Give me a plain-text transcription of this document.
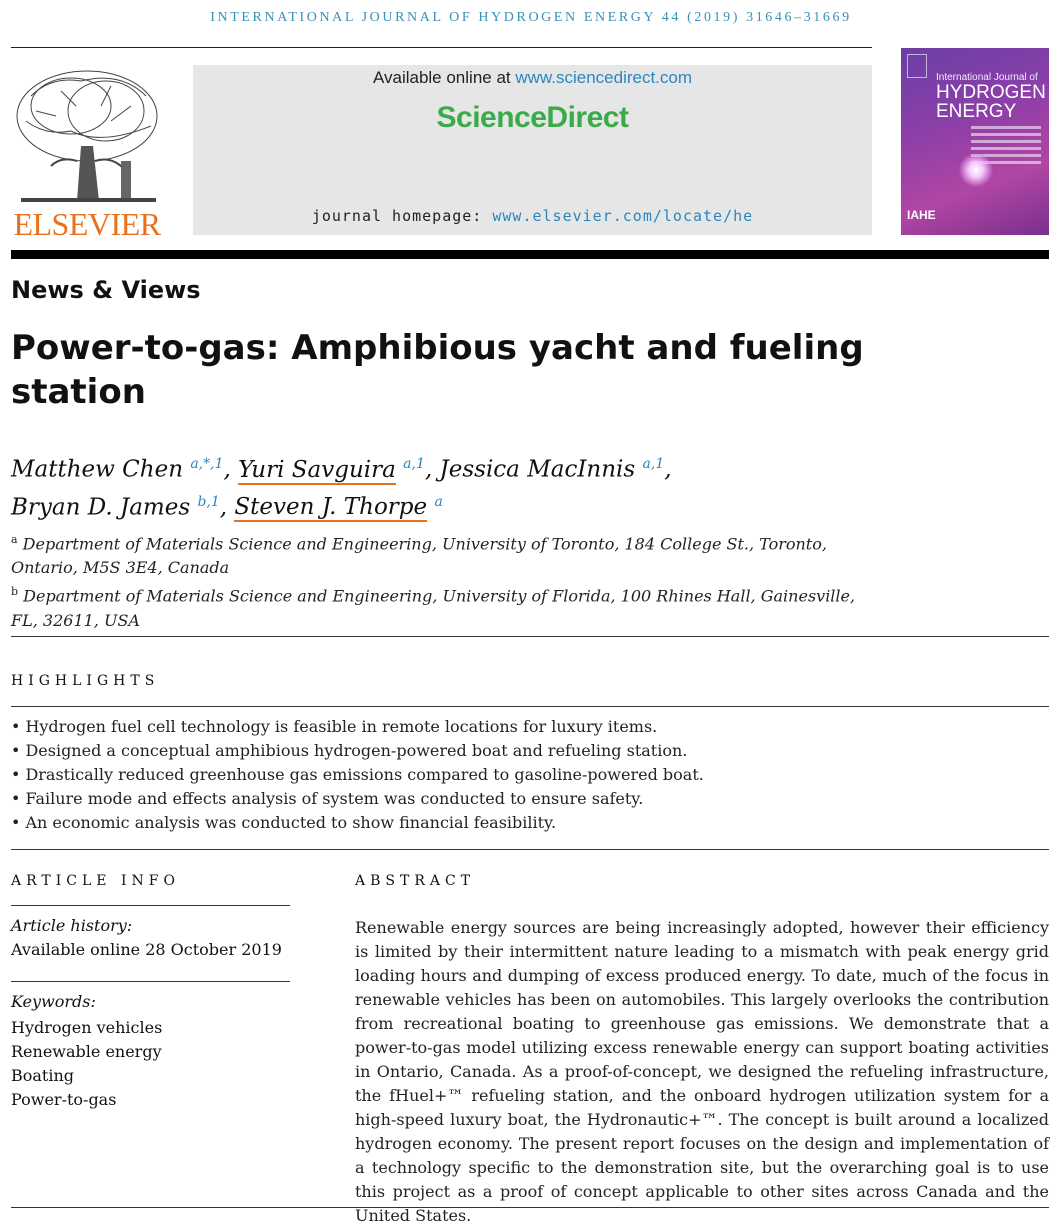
INTERNATIONAL JOURNAL OF HYDROGEN ENERGY 44 (2019) 31646–31669
ELSEVIER
Available online at www.sciencedirect.com
ScienceDirect
journal homepage: www.elsevier.com/locate/he
International Journal of
HYDROGEN
ENERGY
IAHE
News & Views
Power-to-gas: Amphibious yacht and fueling station
Matthew Chen $^{a,*,1}$, Yuri Savguira $^{a,1}$, Jessica MacInnis $^{a,1}$,
Bryan D. James $^{b,1}$, Steven J. Thorpe $^a$
$^a$ Department of Materials Science and Engineering, University of Toronto, 184 College St., Toronto, Ontario, M5S 3E4, Canada
$^b$ Department of Materials Science and Engineering, University of Florida, 100 Rhines Hall, Gainesville, FL, 32611, USA
HIGHLIGHTS
• Hydrogen fuel cell technology is feasible in remote locations for luxury items.
• Designed a conceptual amphibious hydrogen-powered boat and refueling station.
• Drastically reduced greenhouse gas emissions compared to gasoline-powered boat.
• Failure mode and effects analysis of system was conducted to ensure safety.
• An economic analysis was conducted to show financial feasibility.
ARTICLE INFO	ABSTRACT
Article history:
Available online 28 October 2019
Keywords:
Hydrogen vehicles
Renewable energy
Boating
Power-to-gas
Renewable energy sources are being increasingly adopted, however their efficiency is limited by their intermittent nature leading to a mismatch with peak energy grid loading hours and dumping of excess produced energy. To date, much of the focus in renewable vehicles has been on automobiles. This largely overlooks the contribution from recreational boating to greenhouse gas emissions. We demonstrate that a power-to-gas model utilizing excess renewable energy can support boating activities in Ontario, Canada. As a proof-of-concept, we designed the refueling infrastructure, the fHuel+™ refueling station, and the onboard hydrogen utilization system for a high-speed luxury boat, the Hydronautic+™. The concept is built around a localized hydrogen economy. The present report focuses on the design and implementation of a technology specific to the demonstration site, but the overarching goal is to use this project as a proof of concept applicable to other sites across Canada and the United States.
